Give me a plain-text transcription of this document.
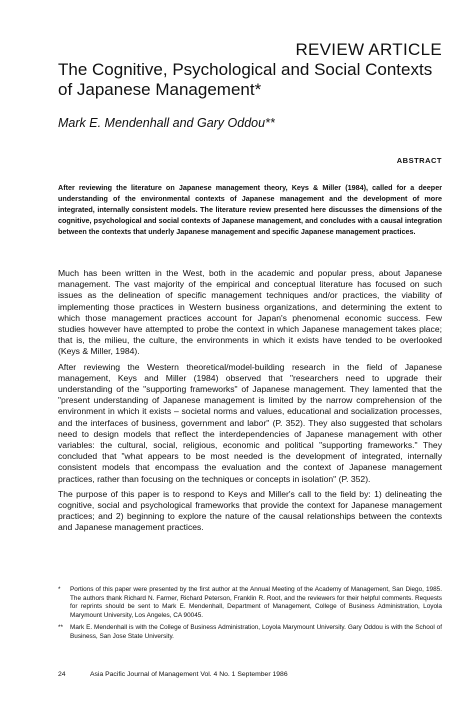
REVIEW ARTICLE
The Cognitive, Psychological and Social Contexts of Japanese Management*
Mark E. Mendenhall and Gary Oddou**
ABSTRACT
After reviewing the literature on Japanese management theory, Keys & Miller (1984), called for a deeper understanding of the environmental contexts of Japanese management and the development of more integrated, internally consistent models. The literature review presented here discusses the dimensions of the cognitive, psychological and social contexts of Japanese management, and concludes with a causal integration between the contexts that underly Japanese management and specific Japanese management practices.

Much has been written in the West, both in the academic and popular press, about Japanese management. The vast majority of the empirical and conceptual literature has focused on such issues as the delineation of specific management techniques and/or practices, the viability of implementing those practices in Western business organizations, and determining the extent to which those management practices account for Japan's phenomenal economic success. Few studies however have attempted to probe the context in which Japanese management takes place; that is, the milieu, the culture, the environments in which it exists have tended to be overlooked (Keys & Miller, 1984).

After reviewing the Western theoretical/model-building research in the field of Japanese management, Keys and Miller (1984) observed that "researchers need to upgrade their understanding of the "supporting frameworks" of Japanese management. They lamented that the "present understanding of Japanese management is limited by the narrow comprehension of the environment in which it exists – societal norms and values, educational and socialization processes, and the interfaces of business, government and labor" (P. 352). They also suggested that scholars need to design models that reflect the interdependencies of Japanese management with other variables: the cultural, social, religious, economic and political "supporting frameworks." They concluded that "what appears to be most needed is the development of integrated, internally consistent models that encompass the evaluation and the context of Japanese management practices, rather than focusing on the techniques or concepts in isolation" (P. 352).

The purpose of this paper is to respond to Keys and Miller's call to the field by: 1) delineating the cognitive, social and psychological frameworks that provide the context for Japanese management practices; and 2) beginning to explore the nature of the causal relationships between the contexts and Japanese management practices.

*	Portions of this paper were presented by the first author at the Annual Meeting of the Academy of Management, San Diego, 1985. The authors thank Richard N. Farmer, Richard Peterson, Franklin R. Root, and the reviewers for their helpful comments. Requests for reprints should be sent to Mark E. Mendenhall, Department of Management, College of Business Administration, Loyola Marymount University, Los Angeles, CA 90045.
**	Mark E. Mendenhall is with the College of Business Administration, Loyola Marymount University. Gary Oddou is with the School of Business, San Jose State University.
24	Asia Pacific Journal of Management Vol. 4 No. 1 September 1986
